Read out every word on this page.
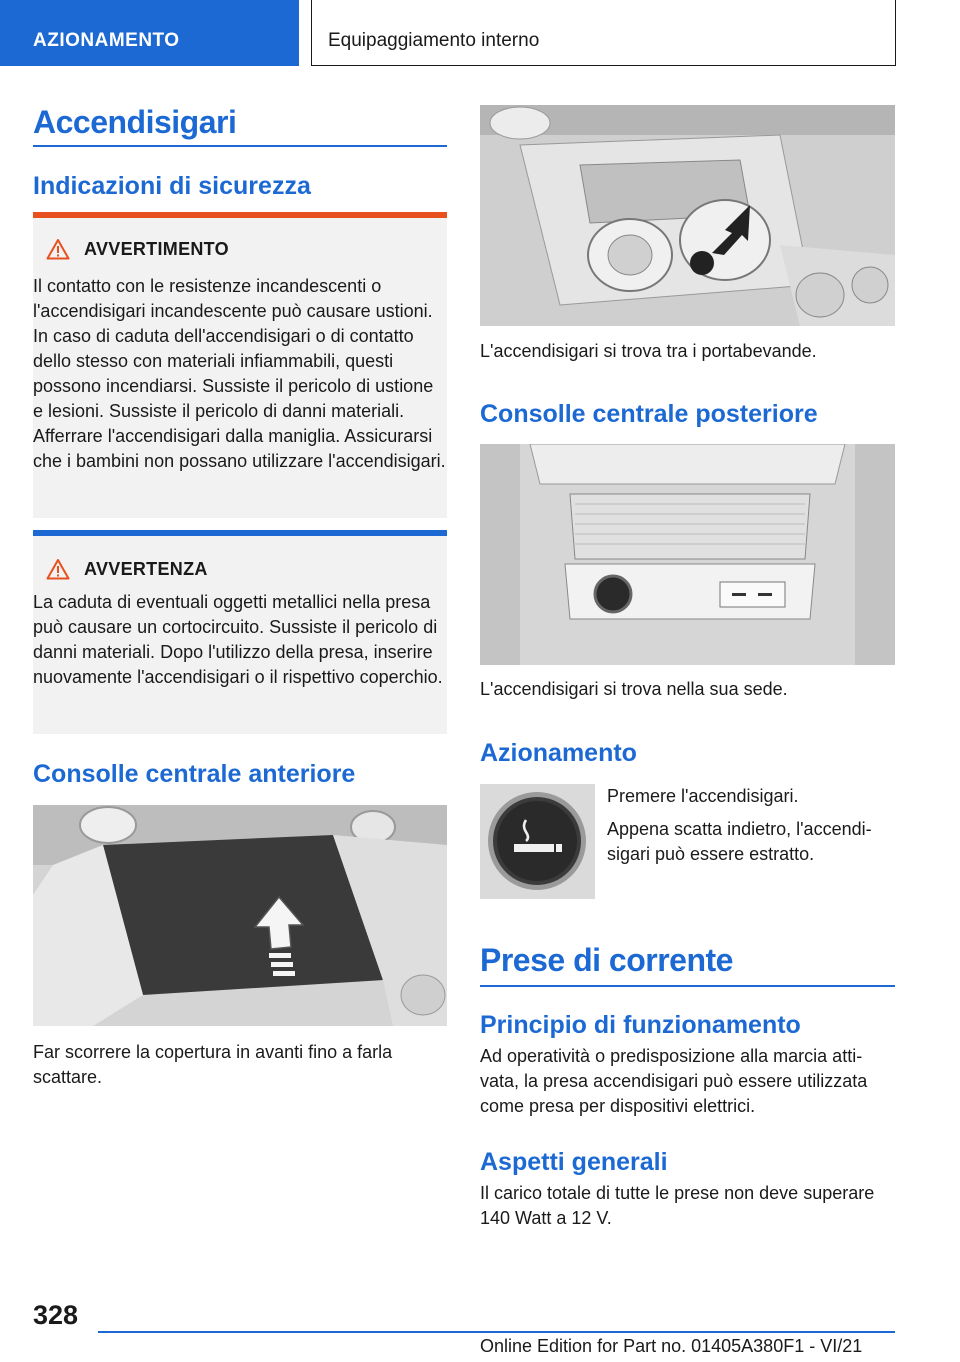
AZIONAMENTO	Equipaggiamento interno
Accendisigari
Indicazioni di sicurezza
AVVERTIMENTO
Il contatto con le resistenze incandescenti o l'accendisigari incandescente può causare ustioni. In caso di caduta dell'accendisigari o di contatto dello stesso con materiali infiammabili, questi possono incendiarsi. Sussiste il pericolo di ustione e lesioni. Sussiste il pericolo di danni materiali. Afferrare l'accendisigari dalla maniglia. Assicurarsi che i bambini non possano utilizzare l'accendisigari.
AVVERTENZA
La caduta di eventuali oggetti metallici nella presa può causare un cortocircuito. Sussiste il pericolo di danni materiali. Dopo l'utilizzo della presa, inserire nuovamente l'accendisigari o il rispettivo coperchio.
Consolle centrale anteriore
Far scorrere la copertura in avanti fino a farla scattare.
L'accendisigari si trova tra i portabevande.
Consolle centrale posteriore
L'accendisigari si trova nella sua sede.
Azionamento
Premere l'accendisigari.
Appena scatta indietro, l'accendi-sigari può essere estratto.
Prese di corrente
Principio di funzionamento
Ad operatività o predisposizione alla marcia atti-vata, la presa accendisigari può essere utilizzata come presa per dispositivi elettrici.
Aspetti generali
Il carico totale di tutte le prese non deve superare 140 Watt a 12 V.
328
Online Edition for Part no. 01405A380F1 - VI/21
